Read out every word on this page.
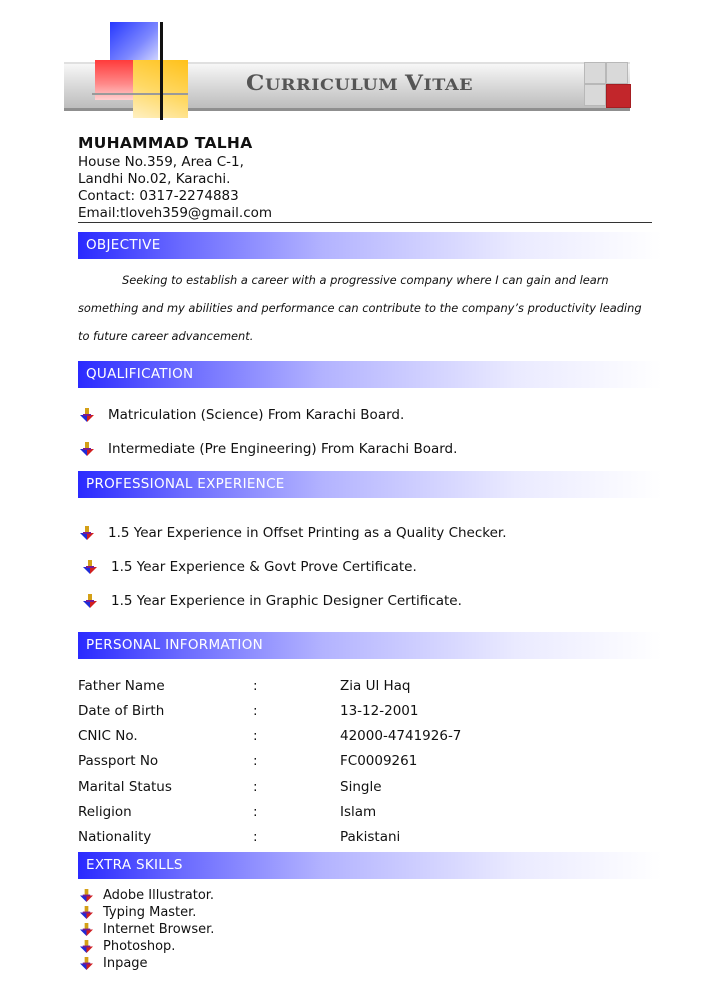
CURRICULUM VITAE
MUHAMMAD TALHA
House No.359, Area C-1,
Landhi No.02, Karachi.
Contact: 0317-2274883
Email:tloveh359@gmail.com
OBJECTIVE
Seeking to establish a career with a progressive company where I can gain and learn something and my abilities and performance can contribute to the company’s productivity leading to future career advancement.
QUALIFICATION
Matriculation (Science) From Karachi Board.
Intermediate (Pre Engineering) From Karachi Board.
PROFESSIONAL EXPERIENCE
1.5 Year Experience in Offset Printing as a Quality Checker.
1.5 Year Experience & Govt Prove Certificate.
1.5 Year Experience in Graphic Designer Certificate.
PERSONAL INFORMATION
Father Name	:	Zia Ul Haq
Date of Birth	:	13-12-2001
CNIC No.	:	42000-4741926-7
Passport No	:	FC0009261
Marital Status	:	Single
Religion	:	Islam
Nationality	:	Pakistani
EXTRA SKILLS
Adobe Illustrator.
Typing Master.
Internet Browser.
Photoshop.
Inpage
